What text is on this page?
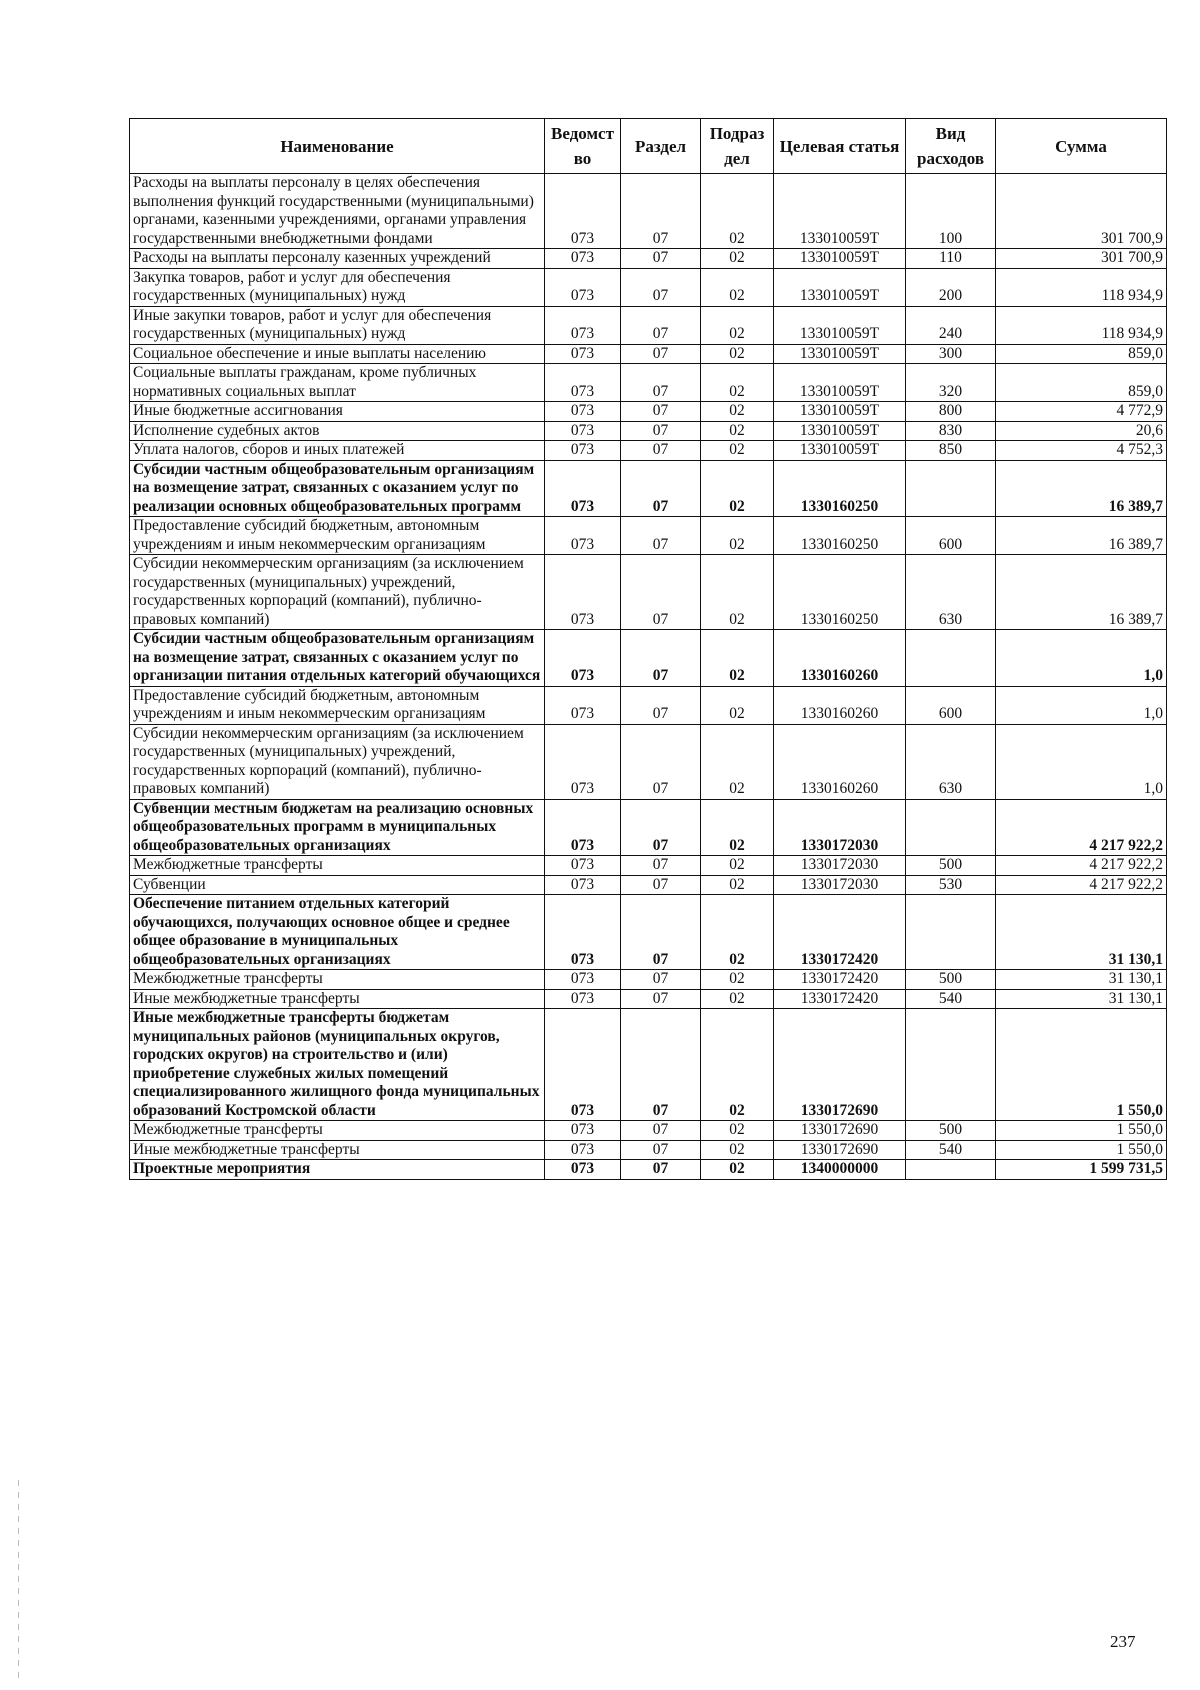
Наименование	Ведомст во	Раздел	Подраз дел	Целевая статья	Вид расходов	Сумма
Расходы на выплаты персоналу в целях обеспечения выполнения функций государственными (муниципальными) органами, казенными учреждениями, органами управления государственными внебюджетными фондами	073	07	02	133010059Т	100	301 700,9
Расходы на выплаты персоналу казенных учреждений	073	07	02	133010059Т	110	301 700,9
Закупка товаров, работ и услуг для обеспечения государственных (муниципальных) нужд	073	07	02	133010059Т	200	118 934,9
Иные закупки товаров, работ и услуг для обеспечения государственных (муниципальных) нужд	073	07	02	133010059Т	240	118 934,9
Социальное обеспечение и иные выплаты населению	073	07	02	133010059Т	300	859,0
Социальные выплаты гражданам, кроме публичных нормативных социальных выплат	073	07	02	133010059Т	320	859,0
Иные бюджетные ассигнования	073	07	02	133010059Т	800	4 772,9
Исполнение судебных актов	073	07	02	133010059Т	830	20,6
Уплата налогов, сборов и иных платежей	073	07	02	133010059Т	850	4 752,3
Субсидии частным общеобразовательным организациям на возмещение затрат, связанных с оказанием услуг по реализации основных общеобразовательных программ	073	07	02	1330160250		16 389,7
Предоставление субсидий бюджетным, автономным учреждениям и иным некоммерческим организациям	073	07	02	1330160250	600	16 389,7
Субсидии некоммерческим организациям (за исключением государственных (муниципальных) учреждений, государственных корпораций (компаний), публично-правовых компаний)	073	07	02	1330160250	630	16 389,7
Субсидии частным общеобразовательным организациям на возмещение затрат, связанных с оказанием услуг по организации питания отдельных категорий обучающихся	073	07	02	1330160260		1,0
Предоставление субсидий бюджетным, автономным учреждениям и иным некоммерческим организациям	073	07	02	1330160260	600	1,0
Субсидии некоммерческим организациям (за исключением государственных (муниципальных) учреждений, государственных корпораций (компаний), публично-правовых компаний)	073	07	02	1330160260	630	1,0
Субвенции местным бюджетам на реализацию основных общеобразовательных программ в муниципальных общеобразовательных организациях	073	07	02	1330172030		4 217 922,2
Межбюджетные трансферты	073	07	02	1330172030	500	4 217 922,2
Субвенции	073	07	02	1330172030	530	4 217 922,2
Обеспечение питанием отдельных категорий обучающихся, получающих основное общее и среднее общее образование в муниципальных общеобразовательных организациях	073	07	02	1330172420		31 130,1
Межбюджетные трансферты	073	07	02	1330172420	500	31 130,1
Иные межбюджетные трансферты	073	07	02	1330172420	540	31 130,1
Иные межбюджетные трансферты бюджетам муниципальных районов (муниципальных округов, городских округов) на строительство и (или) приобретение служебных жилых помещений специализированного жилищного фонда муниципальных образований Костромской области	073	07	02	1330172690		1 550,0
Межбюджетные трансферты	073	07	02	1330172690	500	1 550,0
Иные межбюджетные трансферты	073	07	02	1330172690	540	1 550,0
Проектные мероприятия	073	07	02	1340000000		1 599 731,5
237
